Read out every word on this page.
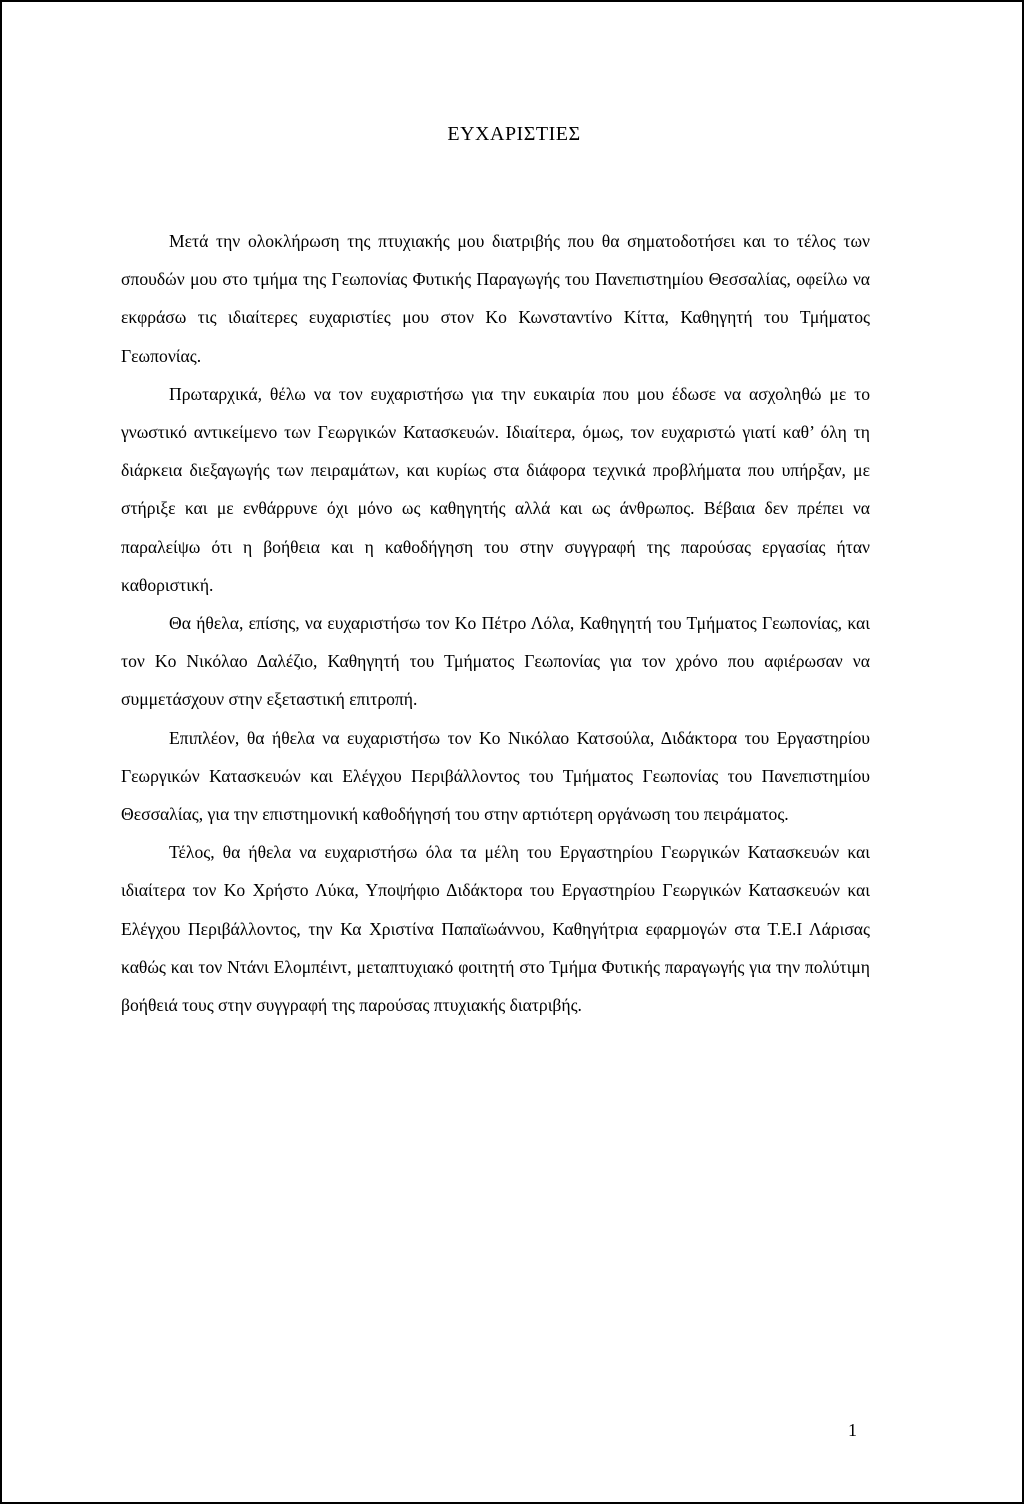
ΕΥΧΑΡΙΣΤΙΕΣ

Μετά την ολοκλήρωση της πτυχιακής μου διατριβής που θα σηματοδοτήσει και το τέλος των σπουδών μου στο τμήμα της Γεωπονίας Φυτικής Παραγωγής του Πανεπιστημίου Θεσσαλίας, οφείλω να εκφράσω τις ιδιαίτερες ευχαριστίες μου στον Κο Κωνσταντίνο Κίττα, Καθηγητή του Τμήματος Γεωπονίας.

Πρωταρχικά, θέλω να τον ευχαριστήσω για την ευκαιρία που μου έδωσε να ασχοληθώ με το γνωστικό αντικείμενο των Γεωργικών Κατασκευών. Ιδιαίτερα, όμως, τον ευχαριστώ γιατί καθ’ όλη τη διάρκεια διεξαγωγής των πειραμάτων, και κυρίως στα διάφορα τεχνικά προβλήματα που υπήρξαν, με στήριξε και με ενθάρρυνε όχι μόνο ως καθηγητής αλλά και ως άνθρωπος. Βέβαια δεν πρέπει να παραλείψω ότι η βοήθεια και η καθοδήγηση του στην συγγραφή της παρούσας εργασίας ήταν καθοριστική.

Θα ήθελα, επίσης, να ευχαριστήσω τον Κο Πέτρο Λόλα, Καθηγητή του Τμήματος Γεωπονίας, και τον Κο Νικόλαο Δαλέζιο, Καθηγητή του Τμήματος Γεωπονίας για τον χρόνο που αφιέρωσαν να συμμετάσχουν στην εξεταστική επιτροπή.

Επιπλέον, θα ήθελα να ευχαριστήσω τον Κο Νικόλαο Κατσούλα, Διδάκτορα του Εργαστηρίου Γεωργικών Κατασκευών και Ελέγχου Περιβάλλοντος του Τμήματος Γεωπονίας του Πανεπιστημίου Θεσσαλίας, για την επιστημονική καθοδήγησή του στην αρτιότερη οργάνωση του πειράματος.

Τέλος, θα ήθελα να ευχαριστήσω όλα τα μέλη του Εργαστηρίου Γεωργικών Κατασκευών και ιδιαίτερα τον Κο Χρήστο Λύκα, Υποψήφιο Διδάκτορα του Εργαστηρίου Γεωργικών Κατασκευών και Ελέγχου Περιβάλλοντος, την Κα Χριστίνα Παπαϊωάννου, Καθηγήτρια εφαρμογών στα Τ.Ε.Ι Λάρισας καθώς και τον Ντάνι Ελομπέιντ, μεταπτυχιακό φοιτητή στο Τμήμα Φυτικής παραγωγής για την πολύτιμη βοήθειά τους στην συγγραφή της παρούσας πτυχιακής διατριβής.

1
